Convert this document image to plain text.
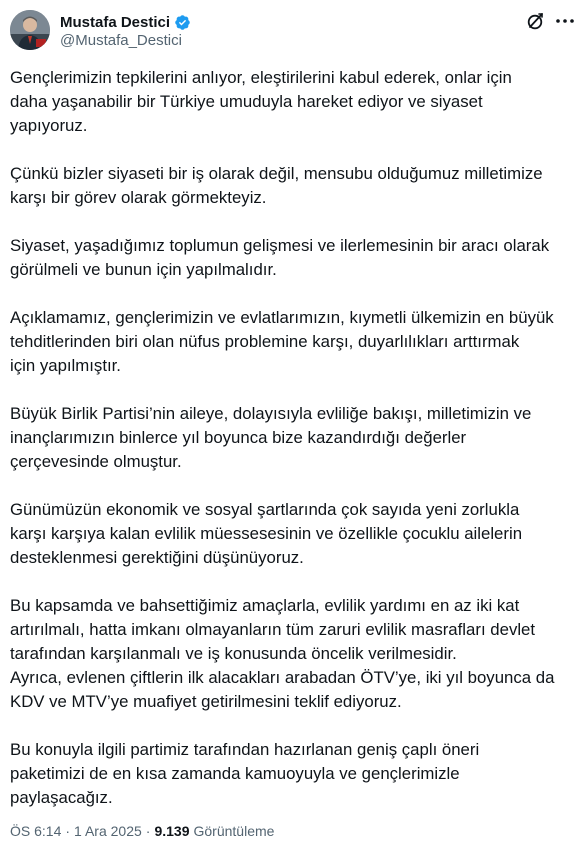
Mustafa Destici
@Mustafa_Destici

Gençlerimizin tepkilerini anlıyor, eleştirilerini kabul ederek, onlar için
daha yaşanabilir bir Türkiye umuduyla hareket ediyor ve siyaset
yapıyoruz.

Çünkü bizler siyaseti bir iş olarak değil, mensubu olduğumuz milletimize
karşı bir görev olarak görmekteyiz.

Siyaset, yaşadığımız toplumun gelişmesi ve ilerlemesinin bir aracı olarak
görülmeli ve bunun için yapılmalıdır.

Açıklamamız, gençlerimizin ve evlatlarımızın, kıymetli ülkemizin en büyük
tehditlerinden biri olan nüfus problemine karşı, duyarlılıkları arttırmak
için yapılmıştır.

Büyük Birlik Partisi’nin aileye, dolayısıyla evliliğe bakışı, milletimizin ve
inançlarımızın binlerce yıl boyunca bize kazandırdığı değerler
çerçevesinde olmuştur.

Günümüzün ekonomik ve sosyal şartlarında çok sayıda yeni zorlukla
karşı karşıya kalan evlilik müessesesinin ve özellikle çocuklu ailelerin
desteklenmesi gerektiğini düşünüyoruz.

Bu kapsamda ve bahsettiğimiz amaçlarla, evlilik yardımı en az iki kat
artırılmalı, hatta imkanı olmayanların tüm zaruri evlilik masrafları devlet
tarafından karşılanmalı ve iş konusunda öncelik verilmesidir.
Ayrıca, evlenen çiftlerin ilk alacakları arabadan ÖTV’ye, iki yıl boyunca da
KDV ve MTV’ye muafiyet getirilmesini teklif ediyoruz.

Bu konuyla ilgili partimiz tarafından hazırlanan geniş çaplı öneri
paketimizi de en kısa zamanda kamuoyuyla ve gençlerimizle
paylaşacağız.

ÖS 6:14 · 1 Ara 2025 · 9.139 Görüntüleme
